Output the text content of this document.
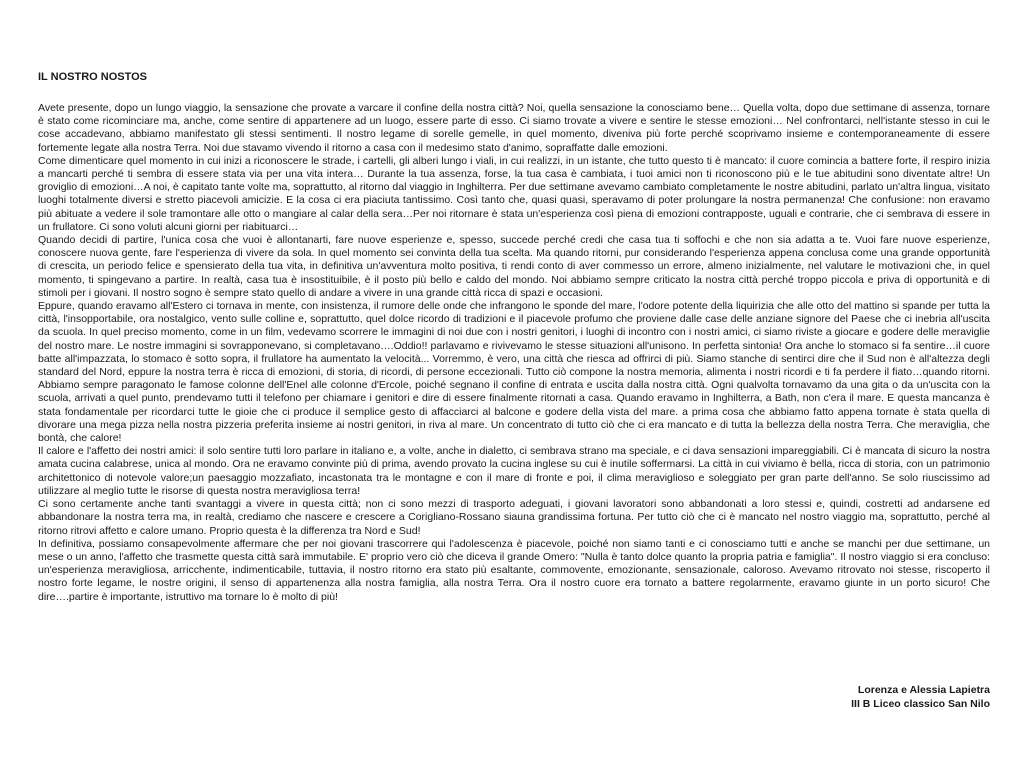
IL NOSTRO NOSTOS

Avete presente, dopo un lungo viaggio, la sensazione che provate a varcare il confine della nostra città? Noi, quella sensazione la conosciamo bene… Quella volta, dopo due settimane di assenza, tornare è stato come ricominciare ma, anche, come sentire di appartenere ad un luogo, essere parte di esso. Ci siamo trovate a vivere e sentire le stesse emozioni… Nel confrontarci, nell'istante stesso in cui le cose accadevano, abbiamo manifestato gli stessi sentimenti. Il nostro legame di sorelle gemelle, in quel momento, diveniva più forte perché scoprivamo insieme e contemporaneamente di essere fortemente legate alla nostra Terra. Noi due stavamo vivendo il ritorno a casa con il medesimo stato d'animo, sopraffatte dalle emozioni.

Come dimenticare quel momento in cui inizi a riconoscere le strade, i cartelli, gli alberi lungo i viali, in cui realizzi, in un istante, che tutto questo ti è mancato: il cuore comincia a battere forte, il respiro inizia a mancarti perché ti sembra di essere stata via per una vita intera… Durante la tua assenza, forse, la tua casa è cambiata, i tuoi amici non ti riconoscono più e le tue abitudini sono diventate altre! Un groviglio di emozioni…A noi, è capitato tante volte ma, soprattutto, al ritorno dal viaggio in Inghilterra. Per due settimane avevamo cambiato completamente le nostre abitudini, parlato un'altra lingua, visitato luoghi totalmente diversi e stretto piacevoli amicizie. E la cosa ci era piaciuta tantissimo. Così tanto che, quasi quasi, speravamo di poter prolungare la nostra permanenza! Che confusione: non eravamo più abituate a vedere il sole tramontare alle otto o mangiare al calar della sera…Per noi ritornare è stata un'esperienza così piena di emozioni contrapposte, uguali e contrarie, che ci sembrava di essere in un frullatore. Ci sono voluti alcuni giorni per riabituarci…

Quando decidi di partire, l'unica cosa che vuoi è allontanarti, fare nuove esperienze e, spesso, succede perché credi che casa tua ti soffochi e che non sia adatta a te. Vuoi fare nuove esperienze, conoscere nuova gente, fare l'esperienza di vivere da sola. In quel momento sei convinta della tua scelta. Ma quando ritorni, pur considerando l'esperienza appena conclusa come una grande opportunità di crescita, un periodo felice e spensierato della tua vita, in definitiva un'avventura molto positiva, ti rendi conto di aver commesso un errore, almeno inizialmente, nel valutare le motivazioni che, in quel momento, ti spingevano a partire. In realtà, casa tua è insostituibile, è il posto più bello e caldo del mondo. Noi abbiamo sempre criticato la nostra città perché troppo piccola e priva di opportunità e di stimoli per i giovani. Il nostro sogno è sempre stato quello di andare a vivere in una grande città ricca di spazi e occasioni.

Eppure, quando eravamo all'Estero ci tornava in mente, con insistenza, il rumore delle onde che infrangono le sponde del mare, l'odore potente della liquirizia che alle otto del mattino si spande per tutta la città, l'insopportabile, ora nostalgico, vento sulle colline e, soprattutto, quel dolce ricordo di tradizioni e il piacevole profumo che proviene dalle case delle anziane signore del Paese che ci inebria all'uscita da scuola. In quel preciso momento, come in un film, vedevamo scorrere le immagini di noi due con i nostri genitori, i luoghi di incontro con i nostri amici, ci siamo riviste a giocare e godere delle meraviglie del nostro mare. Le nostre immagini si sovrapponevano, si completavano….Oddio!! parlavamo e rivivevamo le stesse situazioni all'unisono. In perfetta sintonia! Ora anche lo stomaco si fa sentire…il cuore batte all'impazzata, lo stomaco è sotto sopra, il frullatore ha aumentato la velocità... Vorremmo, è vero, una città che riesca ad offrirci di più. Siamo stanche di sentirci dire che il Sud non è all'altezza degli standard del Nord, eppure la nostra terra è ricca di emozioni, di storia, di ricordi, di persone eccezionali. Tutto ciò compone la nostra memoria, alimenta i nostri ricordi e ti fa perdere il fiato…quando ritorni. Abbiamo sempre paragonato le famose colonne dell'Enel alle colonne d'Ercole, poiché segnano il confine di entrata e uscita dalla nostra città. Ogni qualvolta tornavamo da una gita o da un'uscita con la scuola, arrivati a quel punto, prendevamo tutti il telefono per chiamare i genitori e dire di essere finalmente ritornati a casa. Quando eravamo in Inghilterra, a Bath, non c'era il mare. E questa mancanza è stata fondamentale per ricordarci tutte le gioie che ci produce il semplice gesto di affacciarci al balcone e godere della vista del mare. a prima cosa che abbiamo fatto appena tornate è stata quella di divorare una mega pizza nella nostra pizzeria preferita insieme ai nostri genitori, in riva al mare. Un concentrato di tutto ciò che ci era mancato e di tutta la bellezza della nostra Terra. Che meraviglia, che bontà, che calore!

Il calore e l'affetto dei nostri amici: il solo sentire tutti loro parlare in italiano e, a volte, anche in dialetto, ci sembrava strano ma speciale, e ci dava sensazioni impareggiabili. Ci è mancata di sicuro la nostra amata cucina calabrese, unica al mondo. Ora ne eravamo convinte più di prima, avendo provato la cucina inglese su cui è inutile soffermarsi. La città in cui viviamo è bella, ricca di storia, con un patrimonio architettonico di notevole valore;un paesaggio mozzafiato, incastonata tra le montagne e con il mare di fronte e poi, il clima meraviglioso e soleggiato per gran parte dell'anno. Se solo riuscissimo ad utilizzare al meglio tutte le risorse di questa nostra meravigliosa terra!

Ci sono certamente anche tanti svantaggi a vivere in questa città; non ci sono mezzi di trasporto adeguati, i giovani lavoratori sono abbandonati a loro stessi e, quindi, costretti ad andarsene ed abbandonare la nostra terra ma, in realtà, crediamo che nascere e crescere a Corigliano-Rossano siauna grandissima fortuna. Per tutto ciò che ci è mancato nel nostro viaggio ma, soprattutto, perché al ritorno ritrovi affetto e calore umano. Proprio questa è la differenza tra Nord e Sud!

In definitiva, possiamo consapevolmente affermare che per noi giovani trascorrere qui l'adolescenza è piacevole, poiché non siamo tanti e ci conosciamo tutti e anche se manchi per due settimane, un mese o un anno, l'affetto che trasmette questa città sarà immutabile. E' proprio vero ciò che diceva il grande Omero: "Nulla è tanto dolce quanto la propria patria e famiglia". Il nostro viaggio si era concluso: un'esperienza meravigliosa, arricchente, indimenticabile, tuttavia, il nostro ritorno era stato più esaltante, commovente, emozionante, sensazionale, caloroso. Avevamo ritrovato noi stesse, riscoperto il nostro forte legame, le nostre origini, il senso di appartenenza alla nostra famiglia, alla nostra Terra. Ora il nostro cuore era tornato a battere regolarmente, eravamo giunte in un porto sicuro! Che dire….partire è importante, istruttivo ma tornare lo è molto di più!

Lorenza e Alessia Lapietra
III B Liceo classico San Nilo
